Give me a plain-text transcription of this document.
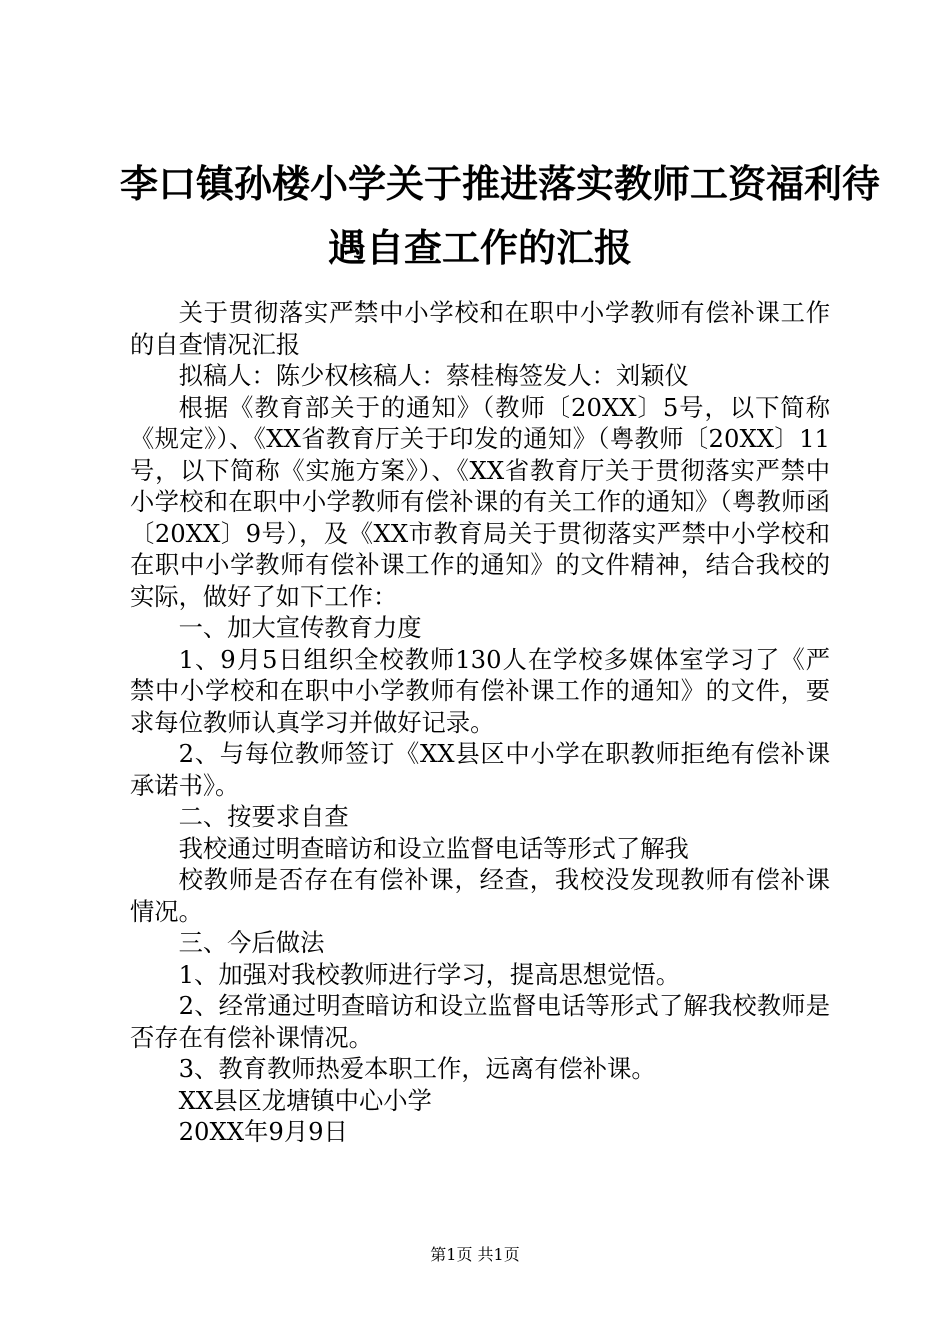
李口镇孙楼小学关于推进落实教师工资福利待
遇自查工作的汇报

关于贯彻落实严禁中小学校和在职中小学教师有偿补课工作的自查情况汇报

拟稿人：陈少权核稿人：蔡桂梅签发人：刘颖仪

根据《教育部关于的通知》（教师〔20XX〕5号，以下简称《规定》）、《XX省教育厅关于印发的通知》（粤教师〔20XX〕11号，以下简称《实施方案》）、《XX省教育厅关于贯彻落实严禁中小学校和在职中小学教师有偿补课的有关工作的通知》（粤教师函〔20XX〕9号），及《XX市教育局关于贯彻落实严禁中小学校和在职中小学教师有偿补课工作的通知》的文件精神，结合我校的实际，做好了如下工作：

一、加大宣传教育力度

1、9月5日组织全校教师130人在学校多媒体室学习了《严禁中小学校和在职中小学教师有偿补课工作的通知》的文件，要求每位教师认真学习并做好记录。

2、与每位教师签订《XX县区中小学在职教师拒绝有偿补课承诺书》。

二、按要求自查

我校通过明查暗访和设立监督电话等形式了解我

校教师是否存在有偿补课，经查，我校没发现教师有偿补课情况。

三、今后做法

1、加强对我校教师进行学习，提高思想觉悟。

2、经常通过明查暗访和设立监督电话等形式了解我校教师是否存在有偿补课情况。

3、教育教师热爱本职工作，远离有偿补课。

XX县区龙塘镇中心小学

20XX年9月9日

第1页 共1页
